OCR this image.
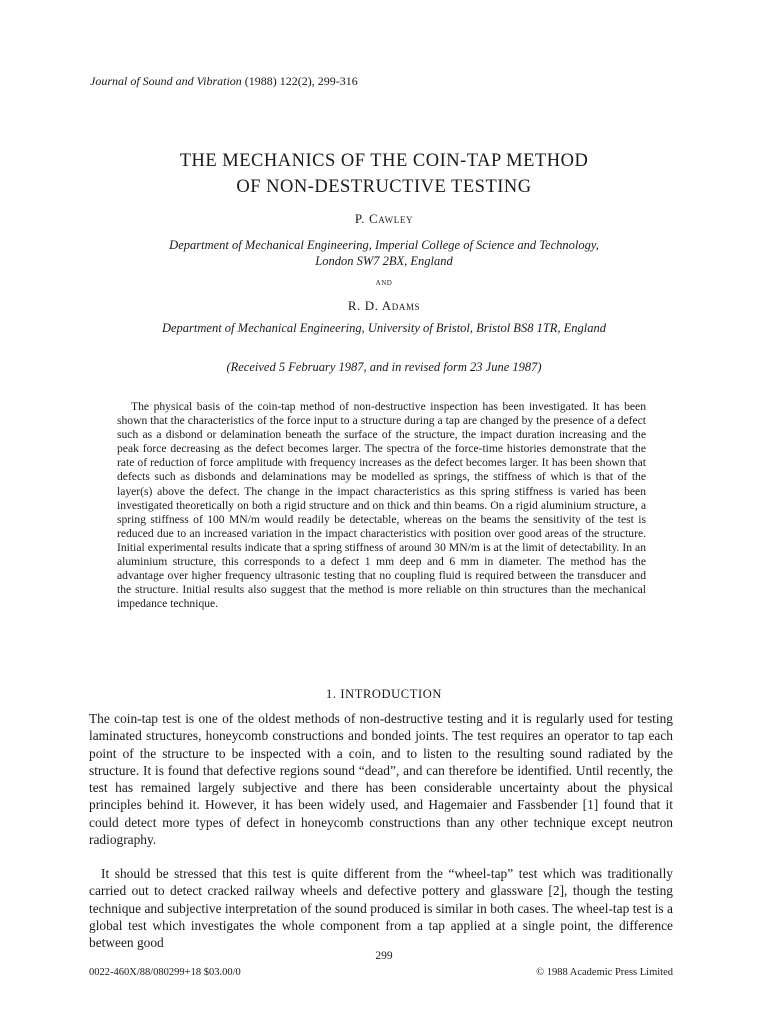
Journal of Sound and Vibration (1988) 122(2), 299-316
THE MECHANICS OF THE COIN-TAP METHOD
OF NON-DESTRUCTIVE TESTING
P. Cawley
Department of Mechanical Engineering, Imperial College of Science and Technology,
London SW7 2BX, England
and
R. D. Adams
Department of Mechanical Engineering, University of Bristol, Bristol BS8 1TR, England
(Received 5 February 1987, and in revised form 23 June 1987)

The physical basis of the coin-tap method of non-destructive inspection has been investigated. It has been shown that the characteristics of the force input to a structure during a tap are changed by the presence of a defect such as a disbond or delamination beneath the surface of the structure, the impact duration increasing and the peak force decreasing as the defect becomes larger. The spectra of the force-time histories demonstrate that the rate of reduction of force amplitude with frequency increases as the defect becomes larger. It has been shown that defects such as disbonds and delaminations may be modelled as springs, the stiffness of which is that of the layer(s) above the defect. The change in the impact characteristics as this spring stiffness is varied has been investigated theoretically on both a rigid structure and on thick and thin beams. On a rigid aluminium structure, a spring stiffness of 100 MN/m would readily be detectable, whereas on the beams the sensitivity of the test is reduced due to an increased variation in the impact characteristics with position over good areas of the structure. Initial experimental results indicate that a spring stiffness of around 30 MN/m is at the limit of detectability. In an aluminium structure, this corresponds to a defect 1 mm deep and 6 mm in diameter. The method has the advantage over higher frequency ultrasonic testing that no coupling fluid is required between the transducer and the structure. Initial results also suggest that the method is more reliable on thin structures than the mechanical impedance technique.

1. INTRODUCTION

The coin-tap test is one of the oldest methods of non-destructive testing and it is regularly used for testing laminated structures, honeycomb constructions and bonded joints. The test requires an operator to tap each point of the structure to be inspected with a coin, and to listen to the resulting sound radiated by the structure. It is found that defective regions sound “dead”, and can therefore be identified. Until recently, the test has remained largely subjective and there has been considerable uncertainty about the physical principles behind it. However, it has been widely used, and Hagemaier and Fassbender [1] found that it could detect more types of defect in honeycomb constructions than any other technique except neutron radiography.

It should be stressed that this test is quite different from the “wheel-tap” test which was traditionally carried out to detect cracked railway wheels and defective pottery and glassware [2], though the testing technique and subjective interpretation of the sound produced is similar in both cases. The wheel-tap test is a global test which investigates the whole component from a tap applied at a single point, the difference between good

299
0022-460X/88/080299+18 $03.00/0	© 1988 Academic Press Limited
